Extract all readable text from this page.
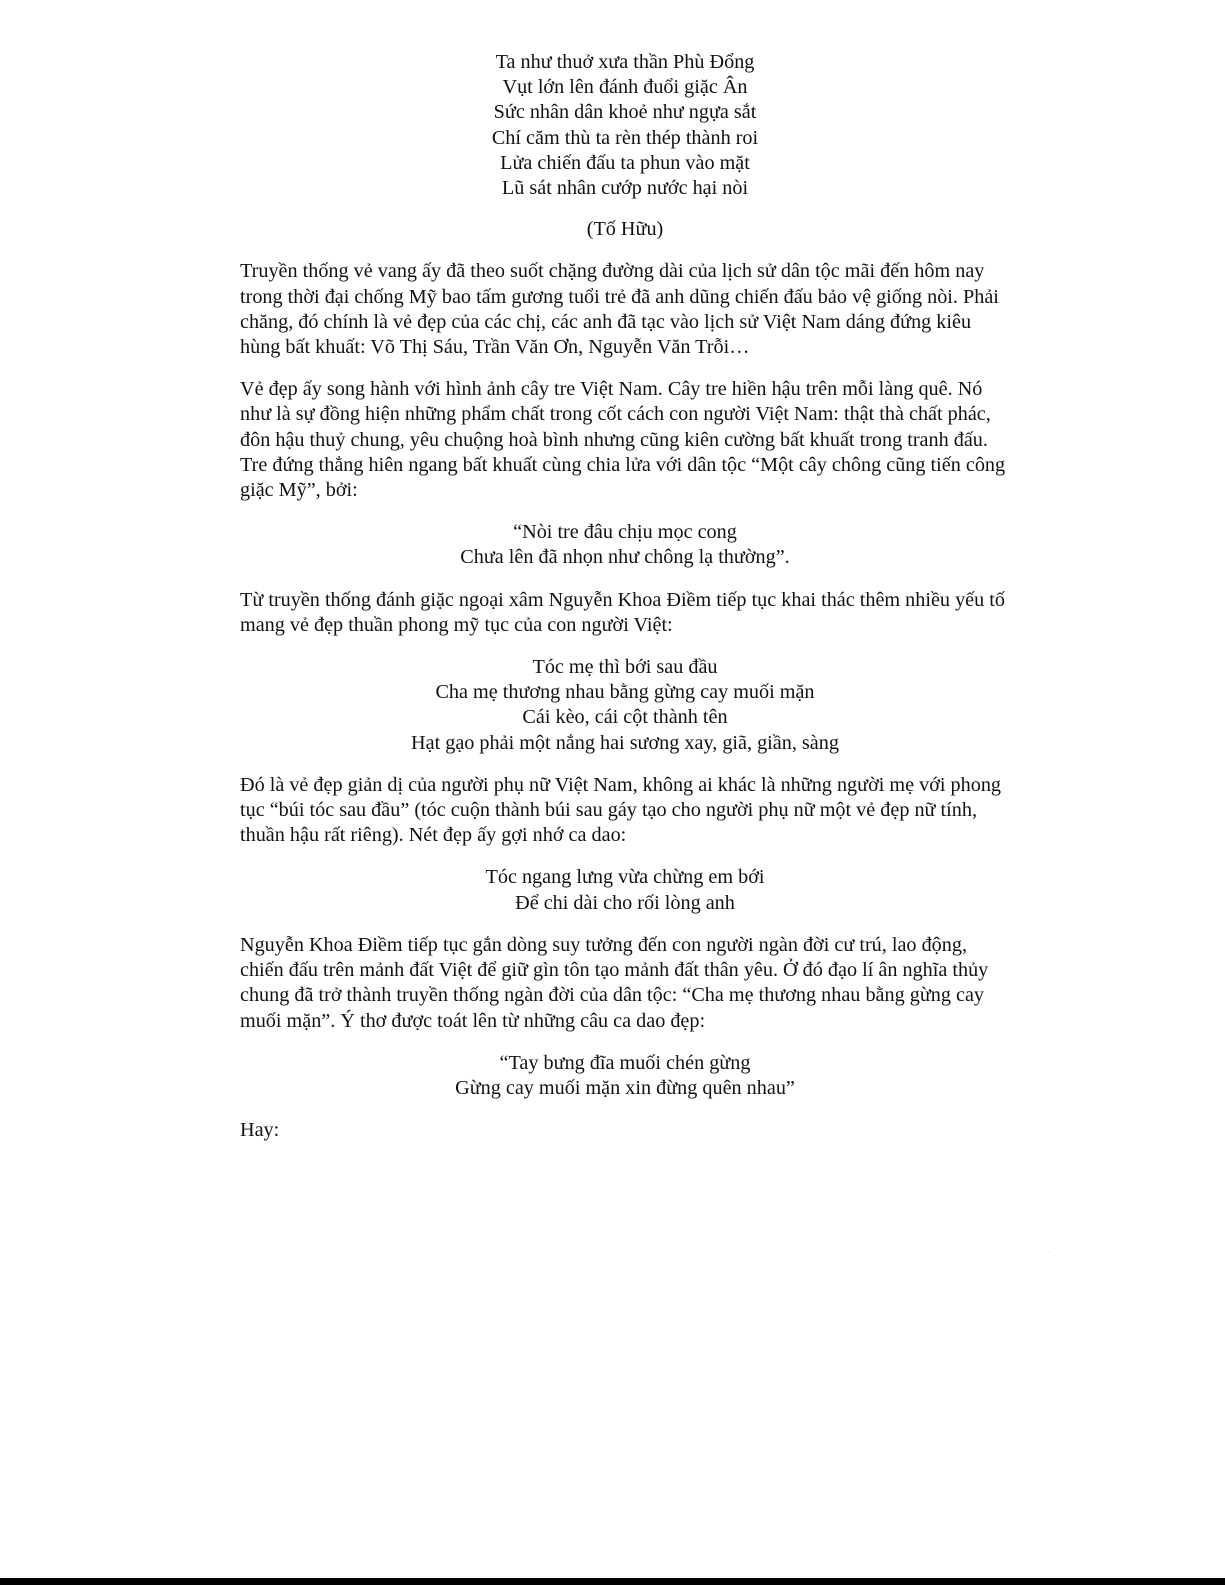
Ta như thuở xưa thần Phù Đổng
Vụt lớn lên đánh đuổi giặc Ân
Sức nhân dân khoẻ như ngựa sắt
Chí căm thù ta rèn thép thành roi
Lửa chiến đấu ta phun vào mặt
Lũ sát nhân cướp nước hại nòi
(Tố Hữu)

Truyền thống vẻ vang ấy đã theo suốt chặng đường dài của lịch sử dân tộc mãi đến hôm nay trong thời đại chống Mỹ bao tấm gương tuổi trẻ đã anh dũng chiến đấu bảo vệ giống nòi. Phải chăng, đó chính là vẻ đẹp của các chị, các anh đã tạc vào lịch sử Việt Nam dáng đứng kiêu hùng bất khuất: Võ Thị Sáu, Trần Văn Ơn, Nguyễn Văn Trỗi…

Vẻ đẹp ấy song hành với hình ảnh cây tre Việt Nam. Cây tre hiền hậu trên mỗi làng quê. Nó như là sự đồng hiện những phẩm chất trong cốt cách con người Việt Nam: thật thà chất phác, đôn hậu thuỷ chung, yêu chuộng hoà bình nhưng cũng kiên cường bất khuất trong tranh đấu. Tre đứng thẳng hiên ngang bất khuất cùng chia lửa với dân tộc “Một cây chông cũng tiến công giặc Mỹ”, bởi:

“Nòi tre đâu chịu mọc cong
Chưa lên đã nhọn như chông lạ thường”.

Từ truyền thống đánh giặc ngoại xâm Nguyễn Khoa Điềm tiếp tục khai thác thêm nhiều yếu tố mang vẻ đẹp thuần phong mỹ tục của con người Việt:

Tóc mẹ thì bới sau đầu
Cha mẹ thương nhau bằng gừng cay muối mặn
Cái kèo, cái cột thành tên
Hạt gạo phải một nắng hai sương xay, giã, giần, sàng

Đó là vẻ đẹp giản dị của người phụ nữ Việt Nam, không ai khác là những người mẹ với phong tục “búi tóc sau đầu” (tóc cuộn thành búi sau gáy tạo cho người phụ nữ một vẻ đẹp nữ tính, thuần hậu rất riêng). Nét đẹp ấy gợi nhớ ca dao:

Tóc ngang lưng vừa chừng em bới
Để chi dài cho rối lòng anh

Nguyễn Khoa Điềm tiếp tục gắn dòng suy tưởng đến con người ngàn đời cư trú, lao động, chiến đấu trên mảnh đất Việt để giữ gìn tôn tạo mảnh đất thân yêu. Ở đó đạo lí ân nghĩa thủy chung đã trở thành truyền thống ngàn đời của dân tộc: “Cha mẹ thương nhau bằng gừng cay muối mặn”. Ý thơ được toát lên từ những câu ca dao đẹp:

“Tay bưng đĩa muối chén gừng
Gừng cay muối mặn xin đừng quên nhau”

Hay:
